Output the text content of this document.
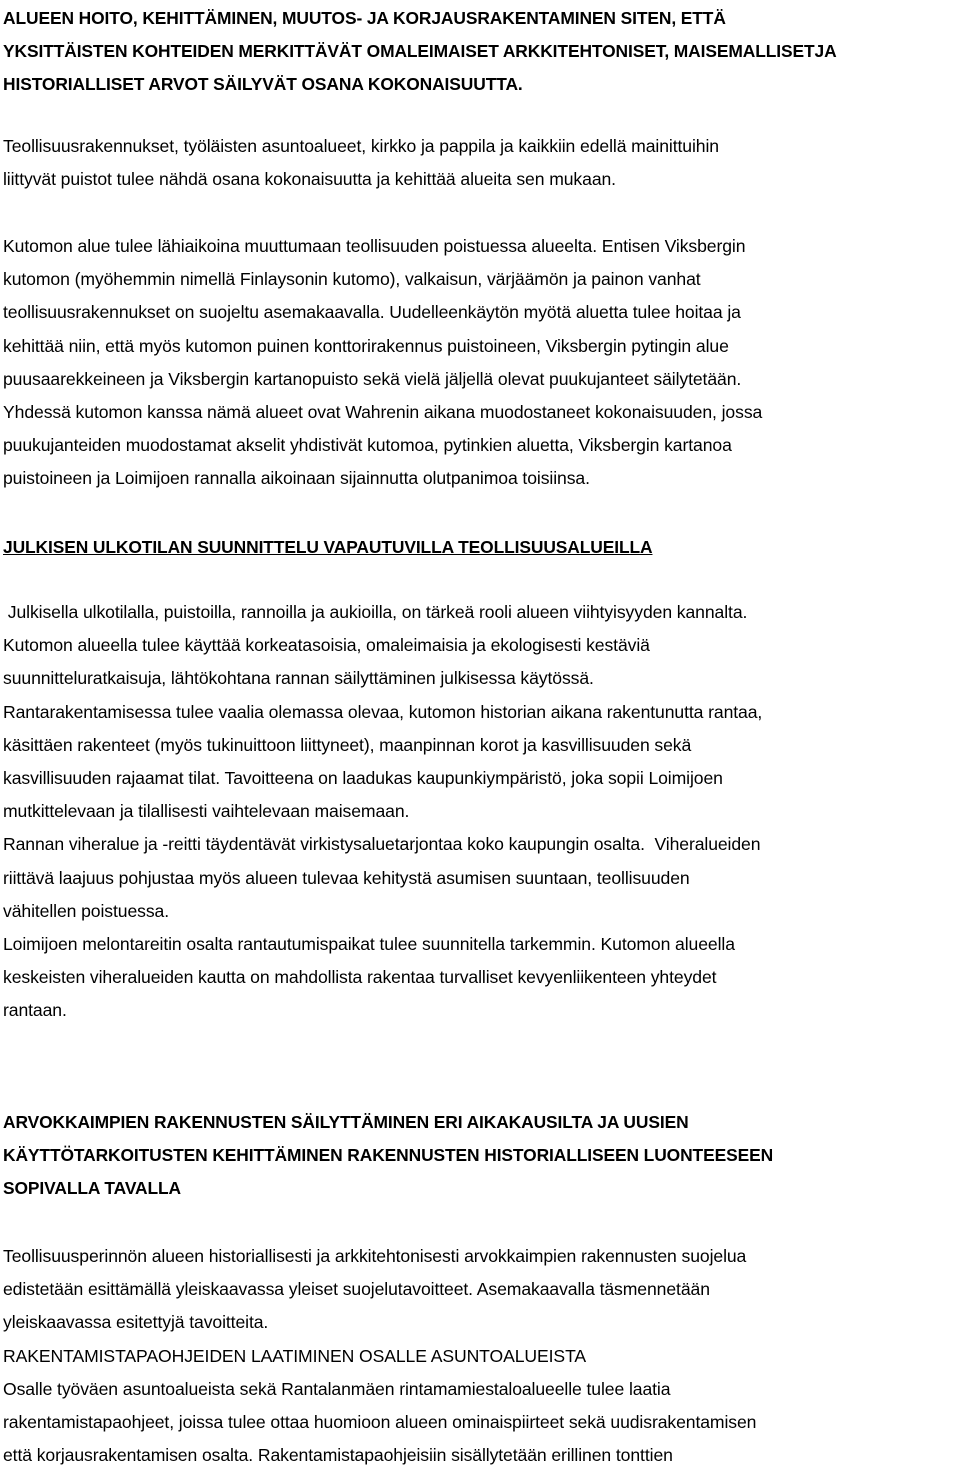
ALUEEN HOITO, KEHITTÄMINEN, MUUTOS- JA KORJAUSRAKENTAMINEN SITEN, ETTÄ
YKSITTÄISTEN KOHTEIDEN MERKITTÄVÄT OMALEIMAISET ARKKITEHTONISET, MAISEMALLISETJA
HISTORIALLISET ARVOT SÄILYVÄT OSANA KOKONAISUUTTA.

Teollisuusrakennukset, työläisten asuntoalueet, kirkko ja pappila ja kaikkiin edellä mainittuihin
liittyvät puistot tulee nähdä osana kokonaisuutta ja kehittää alueita sen mukaan.

Kutomon alue tulee lähiaikoina muuttumaan teollisuuden poistuessa alueelta. Entisen Viksbergin
kutomon (myöhemmin nimellä Finlaysonin kutomo), valkaisun, värjäämön ja painon vanhat
teollisuusrakennukset on suojeltu asemakaavalla. Uudelleenkäytön myötä aluetta tulee hoitaa ja
kehittää niin, että myös kutomon puinen konttorirakennus puistoineen, Viksbergin pytingin alue
puusaarekkeineen ja Viksbergin kartanopuisto sekä vielä jäljellä olevat puukujanteet säilytetään.
Yhdessä kutomon kanssa nämä alueet ovat Wahrenin aikana muodostaneet kokonaisuuden, jossa
puukujanteiden muodostamat akselit yhdistivät kutomoa, pytinkien aluetta, Viksbergin kartanoa
puistoineen ja Loimijoen rannalla aikoinaan sijainnutta olutpanimoa toisiinsa.

JULKISEN ULKOTILAN SUUNNITTELU VAPAUTUVILLA TEOLLISUUSALUEILLA

Julkisella ulkotilalla, puistoilla, rannoilla ja aukioilla, on tärkeä rooli alueen viihtyisyyden kannalta.
Kutomon alueella tulee käyttää korkeatasoisia, omaleimaisia ja ekologisesti kestäviä
suunnitteluratkaisuja, lähtökohtana rannan säilyttäminen julkisessa käytössä.
Rantarakentamisessa tulee vaalia olemassa olevaa, kutomon historian aikana rakentunutta rantaa,
käsittäen rakenteet (myös tukinuittoon liittyneet), maanpinnan korot ja kasvillisuuden sekä
kasvillisuuden rajaamat tilat. Tavoitteena on laadukas kaupunkiympäristö, joka sopii Loimijoen
mutkittelevaan ja tilallisesti vaihtelevaan maisemaan.
Rannan viheralue ja -reitti täydentävät virkistysaluetarjontaa koko kaupungin osalta.  Viheralueiden
riittävä laajuus pohjustaa myös alueen tulevaa kehitystä asumisen suuntaan, teollisuuden
vähitellen poistuessa.
Loimijoen melontareitin osalta rantautumispaikat tulee suunnitella tarkemmin. Kutomon alueella
keskeisten viheralueiden kautta on mahdollista rakentaa turvalliset kevyenliikenteen yhteydet
rantaan.

ARVOKKAIMPIEN RAKENNUSTEN SÄILYTTÄMINEN ERI AIKAKAUSILTA JA UUSIEN
KÄYTTÖTARKOITUSTEN KEHITTÄMINEN RAKENNUSTEN HISTORIALLISEEN LUONTEESEEN
SOPIVALLA TAVALLA

Teollisuusperinnön alueen historiallisesti ja arkkitehtonisesti arvokkaimpien rakennusten suojelua
edistetään esittämällä yleiskaavassa yleiset suojelutavoitteet. Asemakaavalla täsmennetään
yleiskaavassa esitettyjä tavoitteita.
RAKENTAMISTAPAOHJEIDEN LAATIMINEN OSALLE ASUNTOALUEISTA
Osalle työväen asuntoalueista sekä Rantalanmäen rintamamiestaloalueelle tulee laatia
rakentamistapaohjeet, joissa tulee ottaa huomioon alueen ominaispiirteet sekä uudisrakentamisen
että korjausrakentamisen osalta. Rakentamistapaohjeisiin sisällytetään erillinen tonttien
